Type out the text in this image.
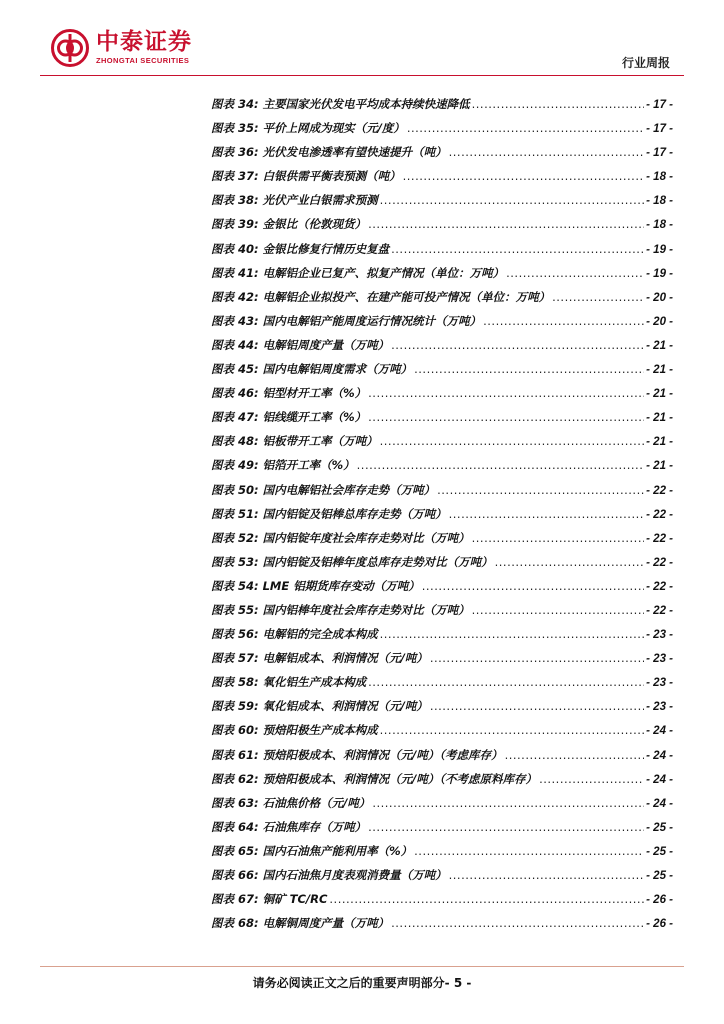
中泰证券
ZHONGTAI SECURITIES	行业周报
图表 34: 主要国家光伏发电平均成本持续快速降低 .....	- 17 -
图表 35: 平价上网成为现实（元/度） .....	- 17 -
图表 36: 光伏发电渗透率有望快速提升（吨） .....	- 17 -
图表 37: 白银供需平衡表预测（吨） .....	- 18 -
图表 38: 光伏产业白银需求预测 .....	- 18 -
图表 39: 金银比（伦敦现货） .....	- 18 -
图表 40: 金银比修复行情历史复盘 .....	- 19 -
图表 41: 电解铝企业已复产、拟复产情况（单位：万吨） .....	- 19 -
图表 42: 电解铝企业拟投产、在建产能可投产情况（单位：万吨） .....	- 20 -
图表 43: 国内电解铝产能周度运行情况统计（万吨） .....	- 20 -
图表 44: 电解铝周度产量（万吨） .....	- 21 -
图表 45: 国内电解铝周度需求（万吨） .....	- 21 -
图表 46: 铝型材开工率（%） .....	- 21 -
图表 47: 铝线缆开工率（%） .....	- 21 -
图表 48: 铝板带开工率（万吨） .....	- 21 -
图表 49: 铝箔开工率（%） .....	- 21 -
图表 50: 国内电解铝社会库存走势（万吨） .....	- 22 -
图表 51: 国内铝锭及铝棒总库存走势（万吨） .....	- 22 -
图表 52: 国内铝锭年度社会库存走势对比（万吨） .....	- 22 -
图表 53: 国内铝锭及铝棒年度总库存走势对比（万吨） .....	- 22 -
图表 54: LME 铝期货库存变动（万吨） .....	- 22 -
图表 55: 国内铝棒年度社会库存走势对比（万吨） .....	- 22 -
图表 56: 电解铝的完全成本构成 .....	- 23 -
图表 57: 电解铝成本、利润情况（元/吨） .....	- 23 -
图表 58: 氧化铝生产成本构成 .....	- 23 -
图表 59: 氧化铝成本、利润情况（元/吨） .....	- 23 -
图表 60: 预焙阳极生产成本构成 .....	- 24 -
图表 61: 预焙阳极成本、利润情况（元/吨）（考虑库存） .....	- 24 -
图表 62: 预焙阳极成本、利润情况（元/吨）（不考虑原料库存） .....	- 24 -
图表 63: 石油焦价格（元/吨） .....	- 24 -
图表 64: 石油焦库存（万吨） .....	- 25 -
图表 65: 国内石油焦产能利用率（%） .....	- 25 -
图表 66: 国内石油焦月度表观消费量（万吨） .....	- 25 -
图表 67: 铜矿 TC/RC .....	- 26 -
图表 68: 电解铜周度产量（万吨） .....	- 26 -
请务必阅读正文之后的重要声明部分- 5 -
